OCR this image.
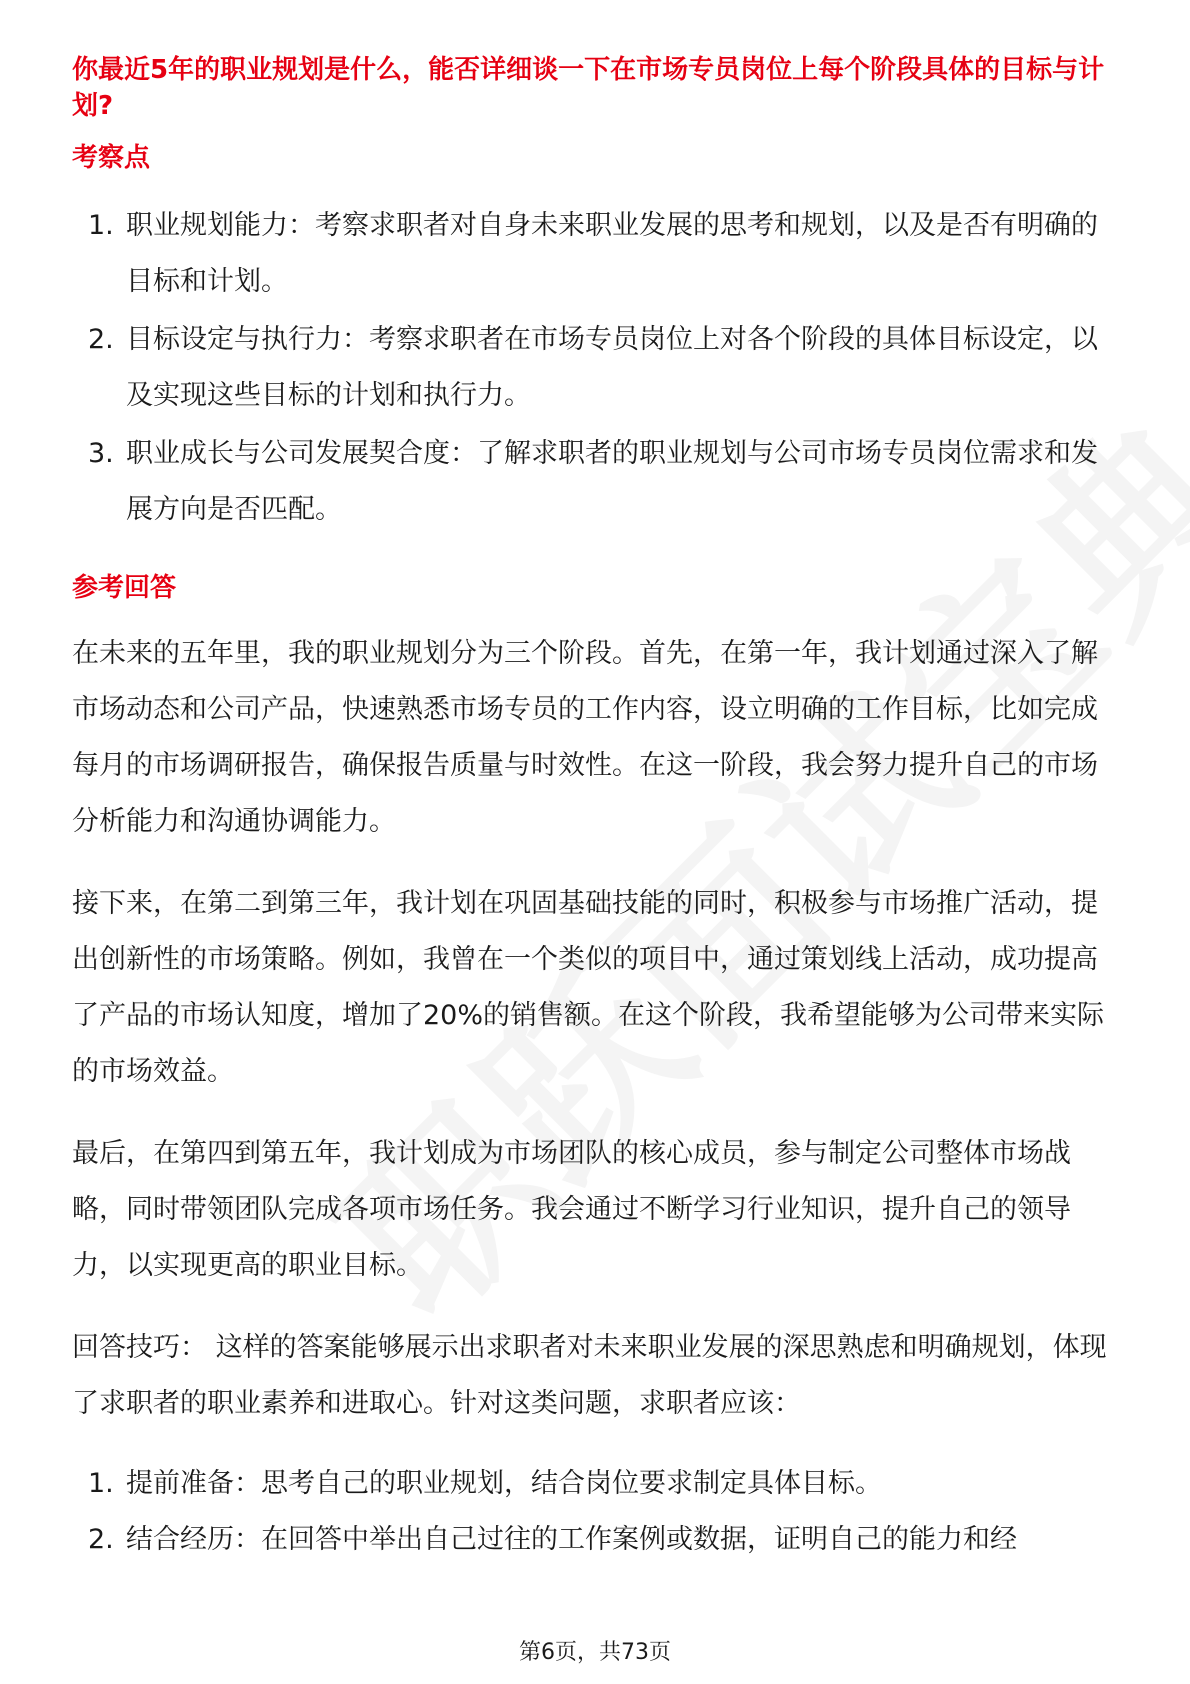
你最近5年的职业规划是什么，能否详细谈一下在市场专员岗位上每个阶段具体的目标与计划?

考察点

1. 职业规划能力：考察求职者对自身未来职业发展的思考和规划，以及是否有明确的目标和计划。
2. 目标设定与执行力：考察求职者在市场专员岗位上对各个阶段的具体目标设定，以及实现这些目标的计划和执行力。
3. 职业成长与公司发展契合度：了解求职者的职业规划与公司市场专员岗位需求和发展方向是否匹配。

参考回答

在未来的五年里，我的职业规划分为三个阶段。首先，在第一年，我计划通过深入了解市场动态和公司产品，快速熟悉市场专员的工作内容，设立明确的工作目标，比如完成每月的市场调研报告，确保报告质量与时效性。在这一阶段，我会努力提升自己的市场分析能力和沟通协调能力。

接下来，在第二到第三年，我计划在巩固基础技能的同时，积极参与市场推广活动，提出创新性的市场策略。例如，我曾在一个类似的项目中，通过策划线上活动，成功提高了产品的市场认知度，增加了20%的销售额。在这个阶段，我希望能够为公司带来实际的市场效益。

最后，在第四到第五年，我计划成为市场团队的核心成员，参与制定公司整体市场战略，同时带领团队完成各项市场任务。我会通过不断学习行业知识，提升自己的领导力，以实现更高的职业目标。

回答技巧： 这样的答案能够展示出求职者对未来职业发展的深思熟虑和明确规划，体现了求职者的职业素养和进取心。针对这类问题，求职者应该：

1. 提前准备：思考自己的职业规划，结合岗位要求制定具体目标。
2. 结合经历：在回答中举出自己过往的工作案例或数据，证明自己的能力和经
第6页，共73页
